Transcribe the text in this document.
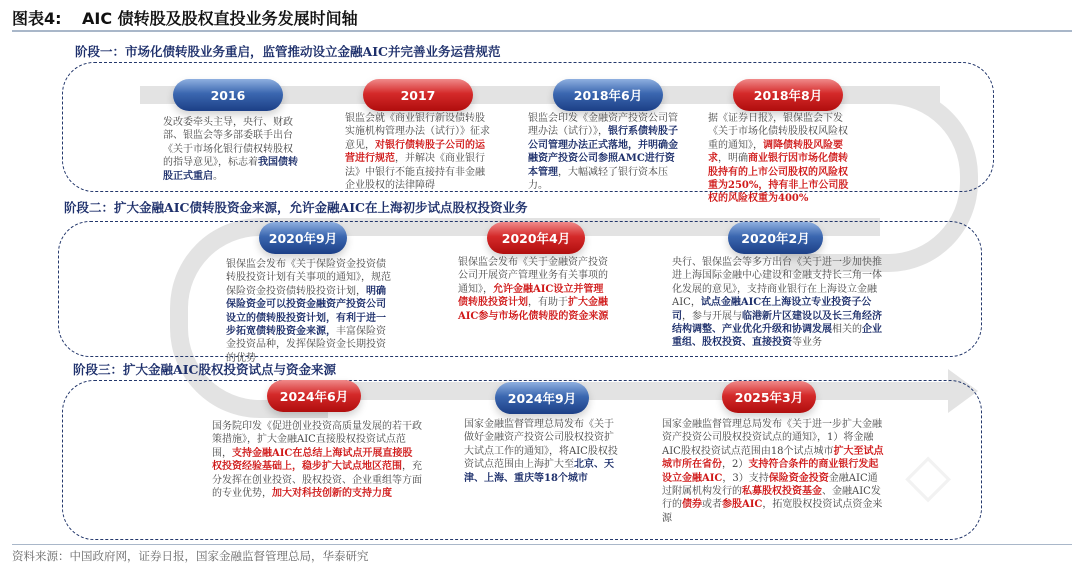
图表4: AIC 债转股及股权直投业务发展时间轴
阶段一：市场化债转股业务重启，监管推动设立金融AIC并完善业务运营规范
2016
发改委牵头主导，央行、财政部、银监会等多部委联手出台《关于市场化银行债权转股权的指导意见》，标志着我国债转股正式重启。
2017
银监会就《商业银行新设债转股实施机构管理办法（试行）》征求意见，对银行债转股子公司的运营进行规范，并解决《商业银行法》中银行不能直接持有非金融企业股权的法律障碍
2018年6月
银监会印发《金融资产投资公司管理办法（试行）》，银行系债转股子公司管理办法正式落地，并明确金融资产投资公司参照AMC进行资本管理，大幅减轻了银行资本压力。
2018年8月
据《证券日报》，银保监会下发《关于市场化债转股股权风险权重的通知》，调降债转股风险要求，明确商业银行因市场化债转股持有的上市公司股权的风险权重为250%，持有非上市公司股权的风险权重为400%
阶段二：扩大金融AIC债转股资金来源，允许金融AIC在上海初步试点股权投资业务
2020年9月
银保监会发布《关于保险资金投资债转股投资计划有关事项的通知》，规范保险资金投资债转股投资计划，明确保险资金可以投资金融资产投资公司设立的债转股投资计划，有利于进一步拓宽债转股资金来源，丰富保险资金投资品种，发挥保险资金长期投资的优势
2020年4月
银保监会发布《关于金融资产投资公司开展资产管理业务有关事项的通知》，允许金融AIC设立并管理债转股投资计划，有助于扩大金融AIC参与市场化债转股的资金来源
2020年2月
央行、银保监会等多方出台《关于进一步加快推进上海国际金融中心建设和金融支持长三角一体化发展的意见》，支持商业银行在上海设立金融AIC，试点金融AIC在上海设立专业投资子公司，参与开展与临港新片区建设以及长三角经济结构调整、产业优化升级和协调发展相关的企业重组、股权投资、直接投资等业务
阶段三：扩大金融AIC股权投资试点与资金来源
2024年6月
国务院印发《促进创业投资高质量发展的若干政策措施》，扩大金融AIC直接股权投资试点范围，支持金融AIC在总结上海试点开展直接股权投资经验基础上，稳步扩大试点地区范围，充分发挥在创业投资、股权投资、企业重组等方面的专业优势，加大对科技创新的支持力度
2024年9月
国家金融监督管理总局发布《关于做好金融资产投资公司股权投资扩大试点工作的通知》，将AIC股权投资试点范围由上海扩大至北京、天津、上海、重庆等18个城市
2025年3月
国家金融监督管理总局发布《关于进一步扩大金融资产投资公司股权投资试点的通知》，1）将金融AIC股权投资试点范围由18个试点城市扩大至试点城市所在省份，2）支持符合条件的商业银行发起设立金融AIC，3）支持保险资金投资金融AIC通过附属机构发行的私募股权投资基金、金融AIC发行的债券或者参股AIC，拓宽股权投资试点资金来源
◇
资料来源：中国政府网，证券日报，国家金融监督管理总局，华泰研究
